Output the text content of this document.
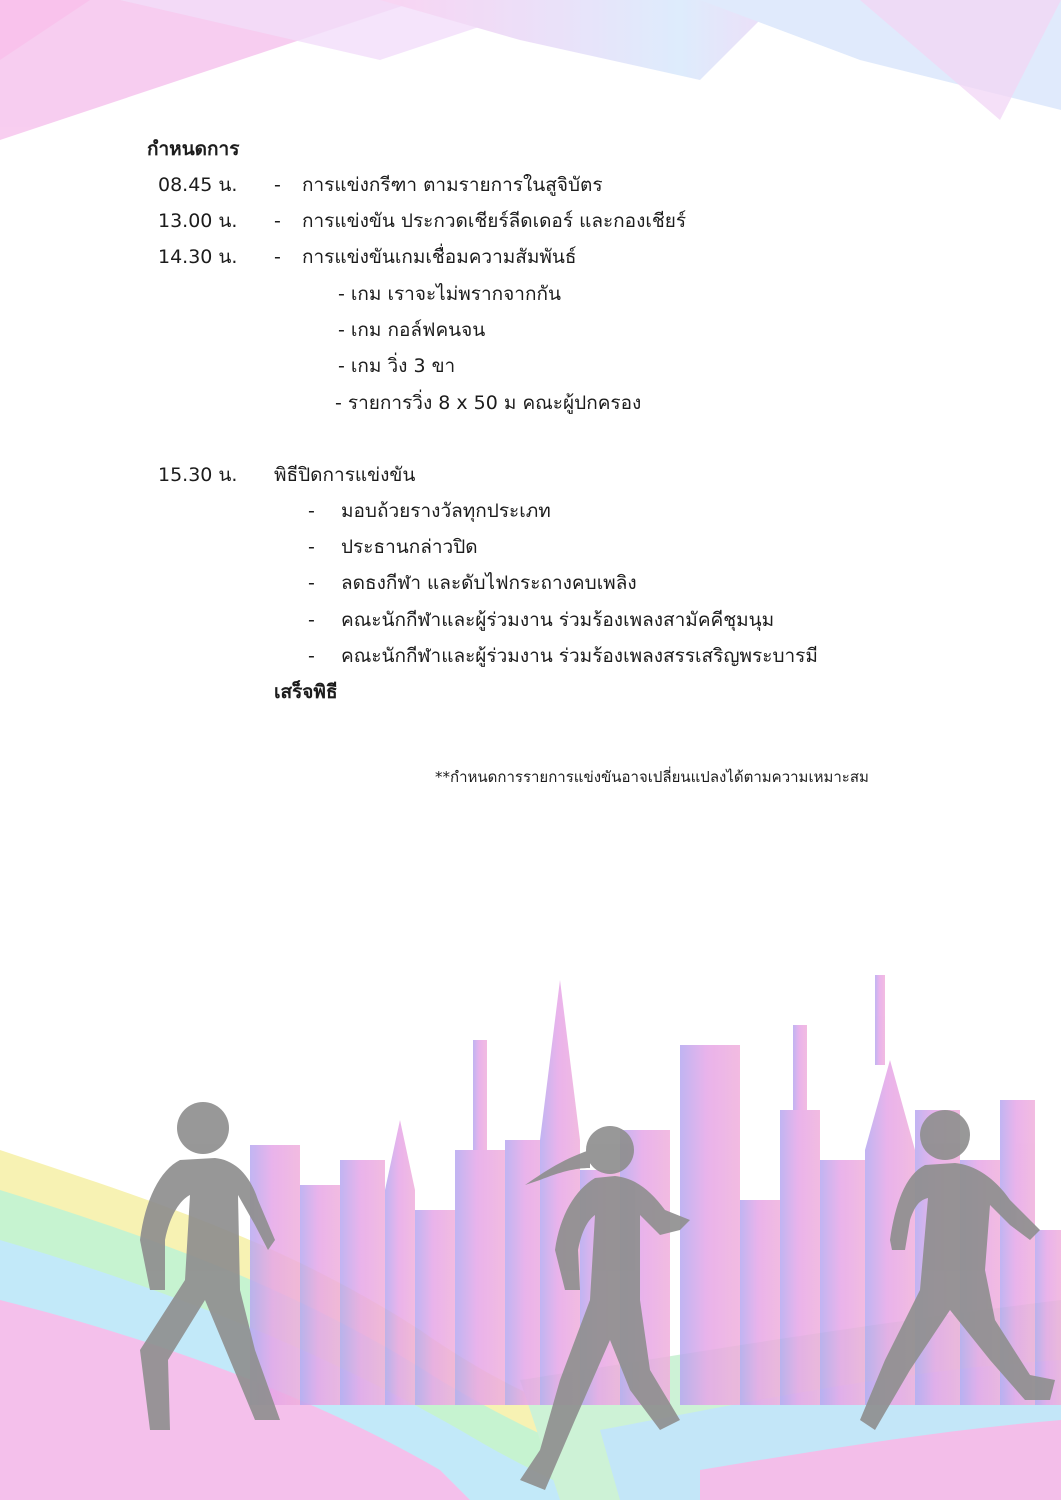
กำหนดการ
08.45 น. - การแข่งกรีฑา ตามรายการในสูจิบัตร
13.00 น. - การแข่งขัน ประกวดเชียร์ลีดเดอร์ และกองเชียร์
14.30 น. - การแข่งขันเกมเชื่อมความสัมพันธ์
- เกม เราจะไม่พรากจากกัน
- เกม กอล์ฟคนจน
- เกม วิ่ง 3 ขา
- รายการวิ่ง 8 x 50 ม คณะผู้ปกครอง
15.30 น. พิธีปิดการแข่งขัน
- มอบถ้วยรางวัลทุกประเภท
- ประธานกล่าวปิด
- ลดธงกีฬา และดับไฟกระถางคบเพลิง
- คณะนักกีฬาและผู้ร่วมงาน ร่วมร้องเพลงสามัคคีชุมนุม
- คณะนักกีฬาและผู้ร่วมงาน ร่วมร้องเพลงสรรเสริญพระบารมี
เสร็จพิธี
**กำหนดการรายการแข่งขันอาจเปลี่ยนแปลงได้ตามความเหมาะสม
